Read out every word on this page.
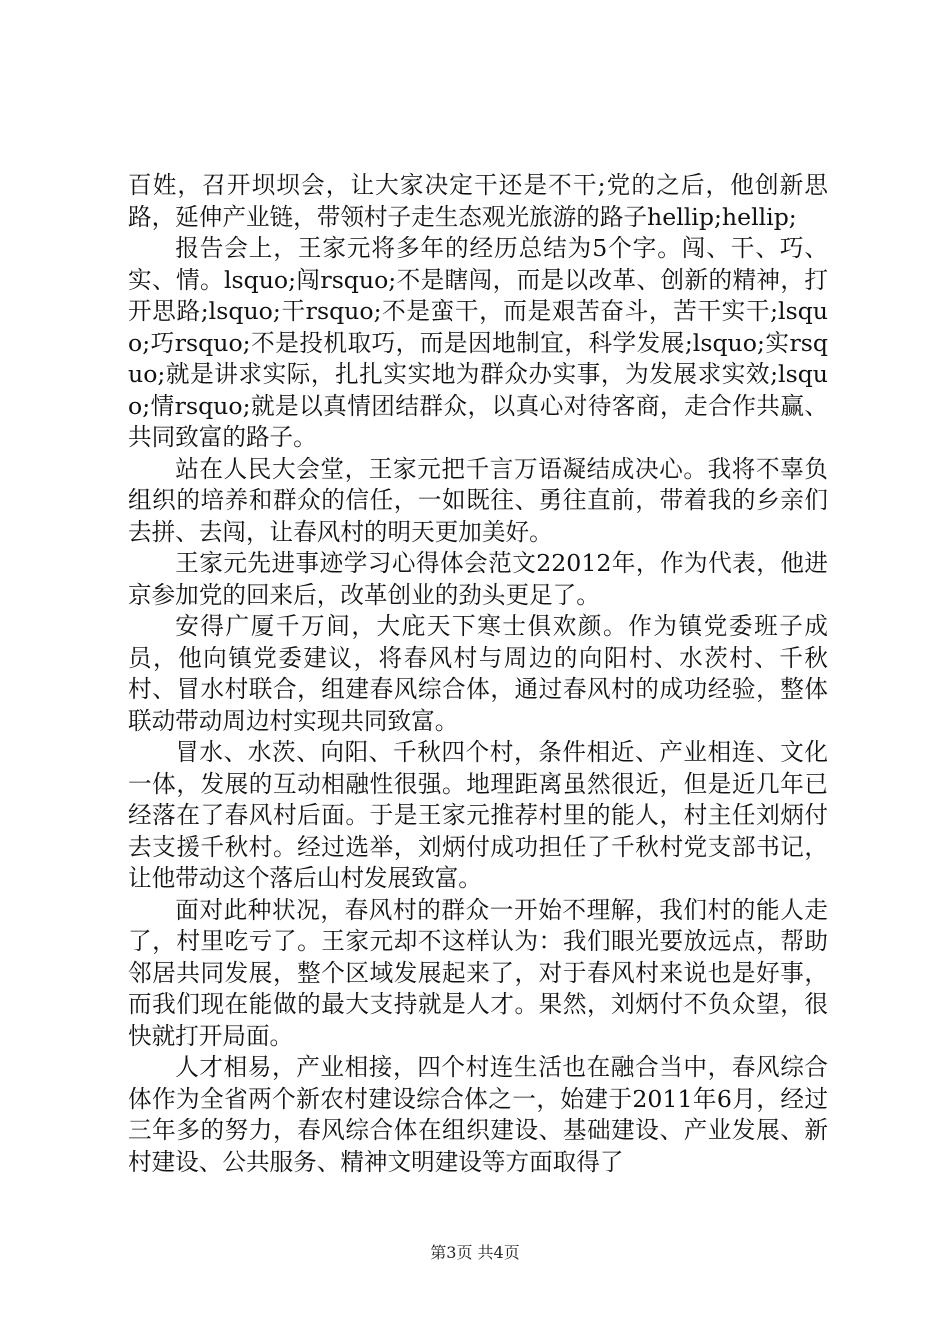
百姓，召开坝坝会，让大家决定干还是不干;党的之后，他创新思路，延伸产业链，带领村子走生态观光旅游的路子hellip;hellip;

报告会上，王家元将多年的经历总结为5个字。闯、干、巧、实、情。lsquo;闯rsquo;不是瞎闯，而是以改革、创新的精神，打开思路;lsquo;干rsquo;不是蛮干，而是艰苦奋斗，苦干实干;lsquo;巧rsquo;不是投机取巧，而是因地制宜，科学发展;lsquo;实rsquo;就是讲求实际，扎扎实实地为群众办实事，为发展求实效;lsquo;情rsquo;就是以真情团结群众，以真心对待客商，走合作共赢、共同致富的路子。

站在人民大会堂，王家元把千言万语凝结成决心。我将不辜负组织的培养和群众的信任，一如既往、勇往直前，带着我的乡亲们去拼、去闯，让春风村的明天更加美好。

王家元先进事迹学习心得体会范文22012年，作为代表，他进京参加党的回来后，改革创业的劲头更足了。

安得广厦千万间，大庇天下寒士俱欢颜。作为镇党委班子成员，他向镇党委建议，将春风村与周边的向阳村、水茨村、千秋村、冒水村联合，组建春风综合体，通过春风村的成功经验，整体联动带动周边村实现共同致富。

冒水、水茨、向阳、千秋四个村，条件相近、产业相连、文化一体，发展的互动相融性很强。地理距离虽然很近，但是近几年已经落在了春风村后面。于是王家元推荐村里的能人，村主任刘炳付去支援千秋村。经过选举，刘炳付成功担任了千秋村党支部书记，让他带动这个落后山村发展致富。

面对此种状况，春风村的群众一开始不理解，我们村的能人走了，村里吃亏了。王家元却不这样认为：我们眼光要放远点，帮助邻居共同发展，整个区域发展起来了，对于春风村来说也是好事，而我们现在能做的最大支持就是人才。果然，刘炳付不负众望，很快就打开局面。

人才相易，产业相接，四个村连生活也在融合当中，春风综合体作为全省两个新农村建设综合体之一，始建于2011年6月，经过三年多的努力，春风综合体在组织建设、基础建设、产业发展、新村建设、公共服务、精神文明建设等方面取得了

第3页 共4页
